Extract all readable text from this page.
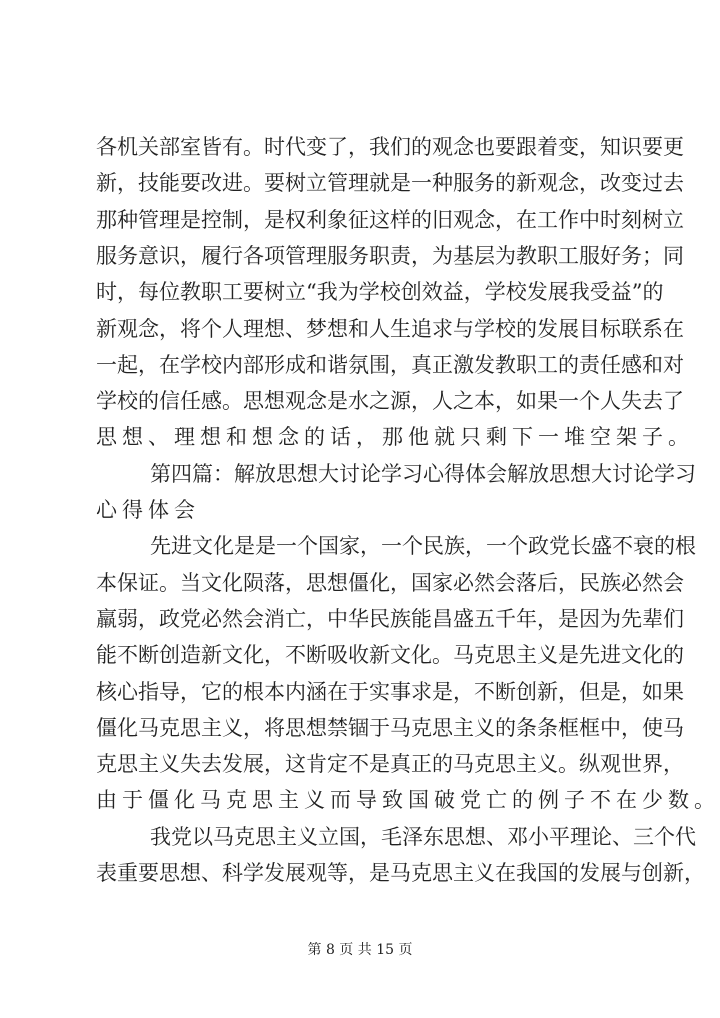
各机关部室皆有。时代变了，我们的观念也要跟着变，知识要更
新，技能要改进。要树立管理就是一种服务的新观念，改变过去
那种管理是控制，是权利象征这样的旧观念，在工作中时刻树立
服务意识，履行各项管理服务职责，为基层为教职工服好务；同
时，每位教职工要树立“我为学校创效益，学校发展我受益”的
新观念，将个人理想、梦想和人生追求与学校的发展目标联系在
一起，在学校内部形成和谐氛围，真正激发教职工的责任感和对
学校的信任感。思想观念是水之源，人之本，如果一个人失去了
思想、理想和想念的话，那他就只剩下一堆空架子。
第四篇：解放思想大讨论学习心得体会解放思想大讨论学习
心得体会
先进文化是是一个国家，一个民族，一个政党长盛不衰的根
本保证。当文化陨落，思想僵化，国家必然会落后，民族必然会
羸弱，政党必然会消亡，中华民族能昌盛五千年，是因为先辈们
能不断创造新文化，不断吸收新文化。马克思主义是先进文化的
核心指导，它的根本内涵在于实事求是，不断创新，但是，如果
僵化马克思主义，将思想禁锢于马克思主义的条条框框中，使马
克思主义失去发展，这肯定不是真正的马克思主义。纵观世界，
由于僵化马克思主义而导致国破党亡的例子不在少数。
我党以马克思主义立国，毛泽东思想、邓小平理论、三个代
表重要思想、科学发展观等，是马克思主义在我国的发展与创新，
第 8 页 共 15 页
